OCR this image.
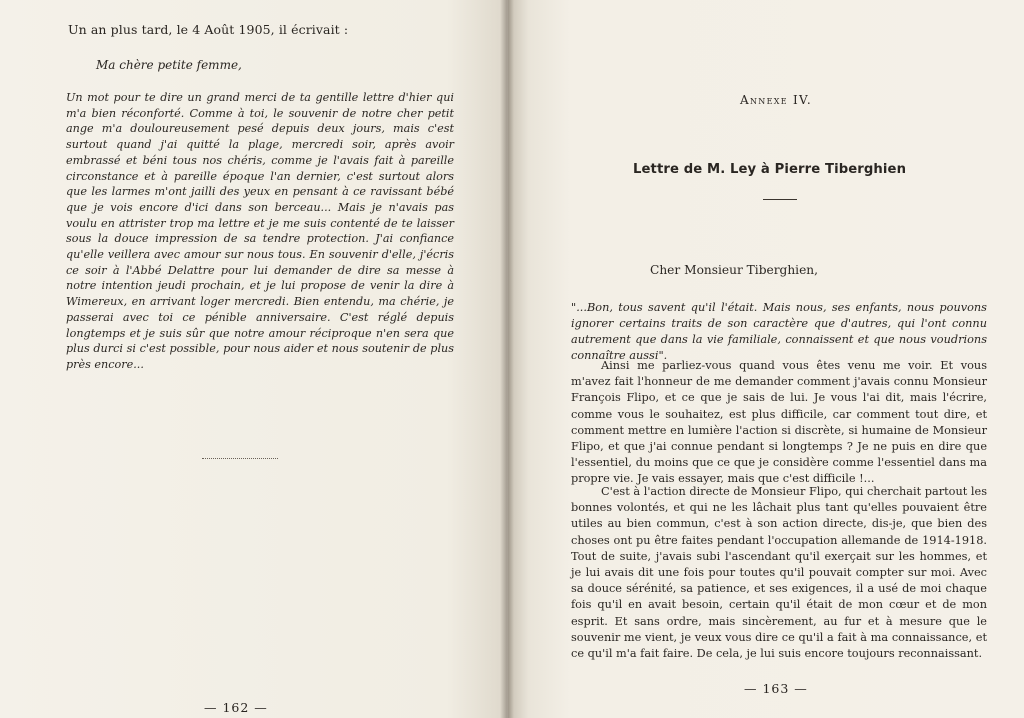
Un an plus tard, le 4 Août 1905, il écrivait :
Ma chère petite femme,
Un mot pour te dire un grand merci de ta gentille lettre d'hier qui m'a bien réconforté. Comme à toi, le souvenir de notre cher petit ange m'a douloureusement pesé depuis deux jours, mais c'est surtout quand j'ai quitté la plage, mercredi soir, après avoir embrassé et béni tous nos chéris, comme je l'avais fait à pareille circonstance et à pareille époque l'an dernier, c'est surtout alors que les larmes m'ont jailli des yeux en pensant à ce ravissant bébé que je vois encore d'ici dans son berceau... Mais je n'avais pas voulu en attrister trop ma lettre et je me suis contenté de te laisser sous la douce impression de sa tendre protection. J'ai confiance qu'elle veillera avec amour sur nous tous. En souvenir d'elle, j'écris ce soir à l'Abbé Delattre pour lui demander de dire sa messe à notre intention jeudi prochain, et je lui propose de venir la dire à Wimereux, en arrivant loger mercredi. Bien entendu, ma chérie, je passerai avec toi ce pénible anniversaire. C'est réglé depuis longtemps et je suis sûr que notre amour réciproque n'en sera que plus durci si c'est possible, pour nous aider et nous soutenir de plus près encore...
— 162 —
Annexe IV.
Lettre de M. Ley à Pierre Tiberghien
Cher Monsieur Tiberghien,
"...Bon, tous savent qu'il l'était. Mais nous, ses enfants, nous pouvons ignorer certains traits de son caractère que d'autres, qui l'ont connu autrement que dans la vie familiale, connaissent et que nous voudrions connaître aussi".
Ainsi me parliez-vous quand vous êtes venu me voir. Et vous m'avez fait l'honneur de me demander comment j'avais connu Monsieur François Flipo, et ce que je sais de lui. Je vous l'ai dit, mais l'écrire, comme vous le souhaitez, est plus difficile, car comment tout dire, et comment mettre en lumière l'action si discrète, si humaine de Monsieur Flipo, et que j'ai connue pendant si longtemps ? Je ne puis en dire que l'essentiel, du moins que ce que je considère comme l'essentiel dans ma propre vie. Je vais essayer, mais que c'est difficile !...
C'est à l'action directe de Monsieur Flipo, qui cherchait partout les bonnes volontés, et qui ne les lâchait plus tant qu'elles pouvaient être utiles au bien commun, c'est à son action directe, dis-je, que bien des choses ont pu être faites pendant l'occupation allemande de 1914-1918. Tout de suite, j'avais subi l'ascendant qu'il exerçait sur les hommes, et je lui avais dit une fois pour toutes qu'il pouvait compter sur moi. Avec sa douce sérénité, sa patience, et ses exigences, il a usé de moi chaque fois qu'il en avait besoin, certain qu'il était de mon cœur et de mon esprit. Et sans ordre, mais sincèrement, au fur et à mesure que le souvenir me vient, je veux vous dire ce qu'il a fait à ma connaissance, et ce qu'il m'a fait faire. De cela, je lui suis encore toujours reconnaissant.
— 163 —
